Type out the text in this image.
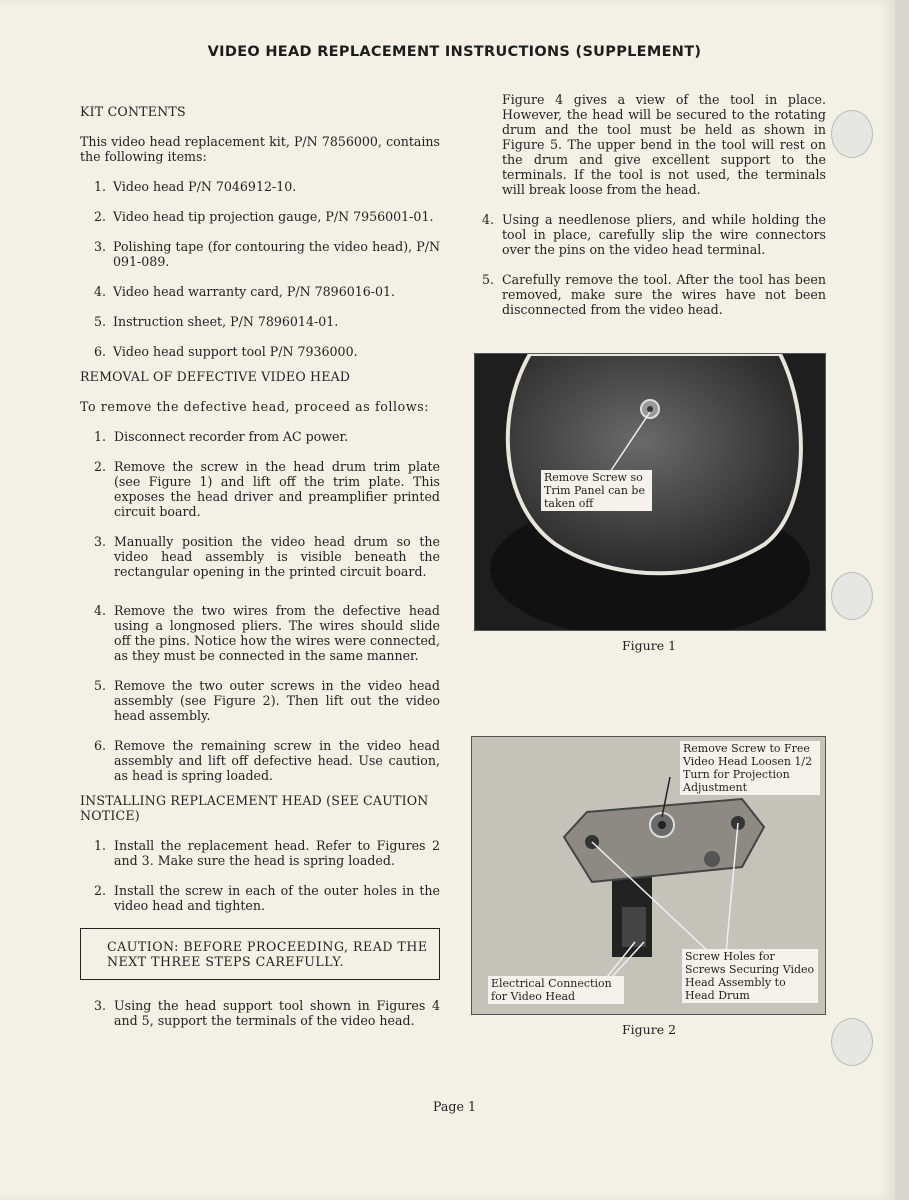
VIDEO HEAD REPLACEMENT INSTRUCTIONS (SUPPLEMENT)
KIT CONTENTS

This video head replacement kit, P/N 7856000, contains the following items:

1. Video head P/N 7046912-10.
2. Video head tip projection gauge, P/N 7956001-01.
3. Polishing tape (for contouring the video head), P/N 091-089.
4. Video head warranty card, P/N 7896016-01.
5. Instruction sheet, P/N 7896014-01.
6. Video head support tool P/N 7936000.
REMOVAL OF DEFECTIVE VIDEO HEAD

To remove the defective head, proceed as follows:

1. Disconnect recorder from AC power.
2. Remove the screw in the head drum trim plate (see Figure 1) and lift off the trim plate. This exposes the head driver and preamplifier printed circuit board.
3. Manually position the video head drum so the video head assembly is visible beneath the rectangular opening in the printed circuit board.
4. Remove the two wires from the defective head using a longnosed pliers. The wires should slide off the pins. Notice how the wires were connected, as they must be connected in the same manner.
5. Remove the two outer screws in the video head assembly (see Figure 2). Then lift out the video head assembly.
6. Remove the remaining screw in the video head assembly and lift off defective head. Use caution, as head is spring loaded.
INSTALLING REPLACEMENT HEAD (SEE CAUTION NOTICE)
1. Install the replacement head. Refer to Figures 2 and 3. Make sure the head is spring loaded.
2. Install the screw in each of the outer holes in the video head and tighten.
CAUTION: BEFORE PROCEEDING, READ THE NEXT THREE STEPS CAREFULLY.
3. Using the head support tool shown in Figures 4 and 5, support the terminals of the video head.

Figure 4 gives a view of the tool in place. However, the head will be secured to the rotating drum and the tool must be held as shown in Figure 5. The upper bend in the tool will rest on the drum and give excellent support to the terminals. If the tool is not used, the terminals will break loose from the head.

4. Using a needlenose pliers, and while holding the tool in place, carefully slip the wire connectors over the pins on the video head terminal.
5. Carefully remove the tool. After the tool has been removed, make sure the wires have not been disconnected from the video head.
Remove Screw so Trim Panel can be taken off
Figure 1
Remove Screw to Free Video Head Loosen 1/2 Turn for Projection Adjustment
Electrical Connection for Video Head
Screw Holes for Screws Securing Video Head Assembly to Head Drum
Figure 2
Page 1
